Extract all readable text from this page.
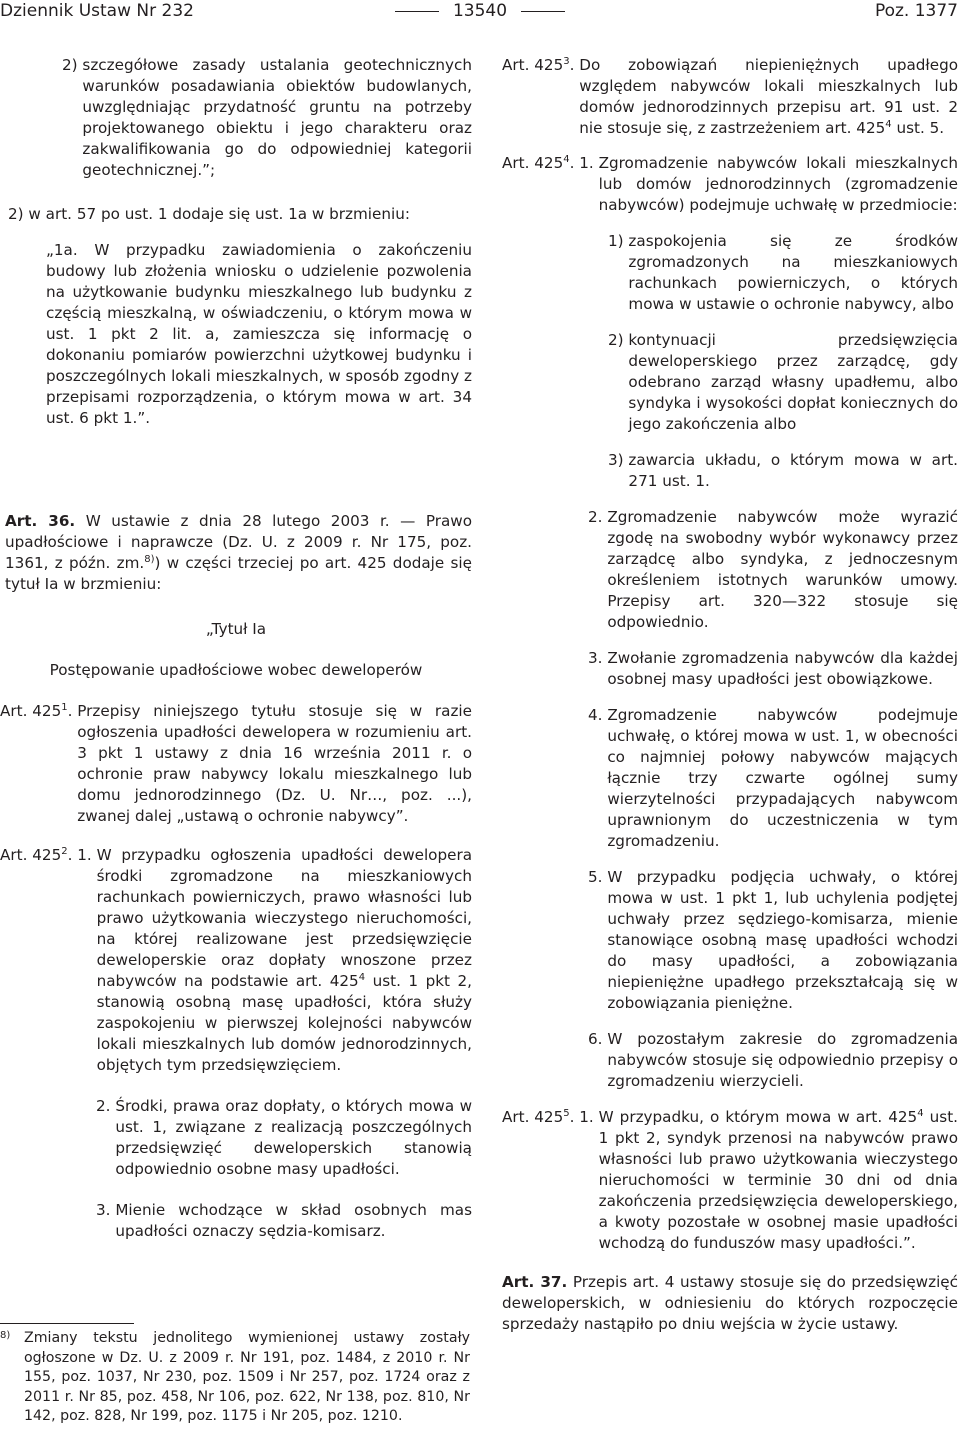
Dziennik Ustaw Nr 232	13540	Poz. 1377
2) szczegółowe zasady ustalania geotechnicznych warunków posadawiania obiektów budowlanych, uwzględniając przydatność gruntu na potrzeby projektowanego obiektu i jego charakteru oraz zakwalifikowania go do odpowiedniej kategorii geotechnicznej.”;

2) w art. 57 po ust. 1 dodaje się ust. 1a w brzmieniu:

„1a. W przypadku zawiadomienia o zakończeniu budowy lub złożenia wniosku o udzielenie pozwolenia na użytkowanie budynku mieszkalnego lub budynku z częścią mieszkalną, w oświadczeniu, o którym mowa w ust. 1 pkt 2 lit. a, zamieszcza się informację o dokonaniu pomiarów powierzchni użytkowej budynku i poszczególnych lokali mieszkalnych, w sposób zgodny z przepisami rozporządzenia, o którym mowa w art. 34 ust. 6 pkt 1.”.

Art. 36. W ustawie z dnia 28 lutego 2003 r. — Prawo upadłościowe i naprawcze (Dz. U. z 2009 r. Nr 175, poz. 1361, z późn. zm.$^{8)}$) w części trzeciej po art. 425 dodaje się tytuł Ia w brzmieniu:

„Tytuł Ia

Postępowanie upadłościowe wobec deweloperów

Art. $425^1$. Przepisy niniejszego tytułu stosuje się w razie ogłoszenia upadłości dewelopera w rozumieniu art. 3 pkt 1 ustawy z dnia 16 września 2011 r. o ochronie praw nabywcy lokalu mieszkalnego lub domu jednorodzinnego (Dz. U. Nr…, poz. ...), zwanej dalej „ustawą o ochronie nabywcy”.
Art. $425^2$. 1. W przypadku ogłoszenia upadłości dewelopera środki zgromadzone na mieszkaniowych rachunkach powierniczych, prawo własności lub prawo użytkowania wieczystego nieruchomości, na której realizowane jest przedsięwzięcie deweloperskie oraz dopłaty wnoszone przez nabywców na podstawie art. $425^4$ ust. 1 pkt 2, stanowią osobną masę upadłości, która służy zaspokojeniu w pierwszej kolejności nabywców lokali mieszkalnych lub domów jednorodzinnych, objętych tym przedsięwzięciem.
2. Środki, prawa oraz dopłaty, o których mowa w ust. 1, związane z realizacją poszczególnych przedsięwzięć deweloperskich stanowią odpowiednio osobne masy upadłości.
3. Mienie wchodzące w skład osobnych mas upadłości oznaczy sędzia-komisarz.
8) Zmiany tekstu jednolitego wymienionej ustawy zostały ogłoszone w Dz. U. z 2009 r. Nr 191, poz. 1484, z 2010 r. Nr 155, poz. 1037, Nr 230, poz. 1509 i Nr 257, poz. 1724 oraz z 2011 r. Nr 85, poz. 458, Nr 106, poz. 622, Nr 138, poz. 810, Nr 142, poz. 828, Nr 199, poz. 1175 i Nr 205, poz. 1210.
Art. $425^3$. Do zobowiązań niepieniężnych upadłego względem nabywców lokali mieszkalnych lub domów jednorodzinnych przepisu art. 91 ust. 2 nie stosuje się, z zastrzeżeniem art. $425^4$ ust. 5.
Art. $425^4$. 1. Zgromadzenie nabywców lokali mieszkalnych lub domów jednorodzinnych (zgromadzenie nabywców) podejmuje uchwałę w przedmiocie:
1) zaspokojenia się ze środków zgromadzonych na mieszkaniowych rachunkach powierniczych, o których mowa w ustawie o ochronie nabywcy, albo
2) kontynuacji przedsięwzięcia deweloperskiego przez zarządcę, gdy odebrano zarząd własny upadłemu, albo syndyka i wysokości dopłat koniecznych do jego zakończenia albo
3) zawarcia układu, o którym mowa w art. 271 ust. 1.
2. Zgromadzenie nabywców może wyrazić zgodę na swobodny wybór wykonawcy przez zarządcę albo syndyka, z jednoczesnym określeniem istotnych warunków umowy. Przepisy art. 320—322 stosuje się odpowiednio.
3. Zwołanie zgromadzenia nabywców dla każdej osobnej masy upadłości jest obowiązkowe.
4. Zgromadzenie nabywców podejmuje uchwałę, o której mowa w ust. 1, w obecności co najmniej połowy nabywców mających łącznie trzy czwarte ogólnej sumy wierzytelności przypadających nabywcom uprawnionym do uczestniczenia w tym zgromadzeniu.
5. W przypadku podjęcia uchwały, o której mowa w ust. 1 pkt 1, lub uchylenia podjętej uchwały przez sędziego-komisarza, mienie stanowiące osobną masę upadłości wchodzi do masy upadłości, a zobowiązania niepieniężne upadłego przekształcają się w zobowiązania pieniężne.
6. W pozostałym zakresie do zgromadzenia nabywców stosuje się odpowiednio przepisy o zgromadzeniu wierzycieli.
Art. $425^5$. 1. W przypadku, o którym mowa w art. $425^4$ ust. 1 pkt 2, syndyk przenosi na nabywców prawo własności lub prawo użytkowania wieczystego nieruchomości w terminie 30 dni od dnia zakończenia przedsięwzięcia deweloperskiego, a kwoty pozostałe w osobnej masie upadłości wchodzą do funduszów masy upadłości.”.

Art. 37. Przepis art. 4 ustawy stosuje się do przedsięwzięć deweloperskich, w odniesieniu do których rozpoczęcie sprzedaży nastąpiło po dniu wejścia w życie ustawy.
